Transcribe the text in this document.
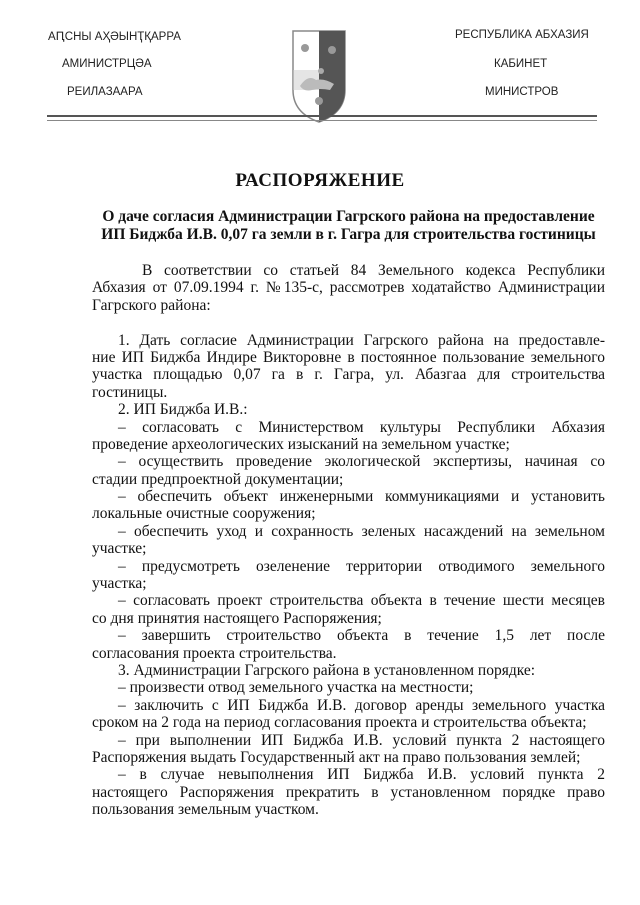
АԤСНЫ АҲӘЫНҬҚАРРА
АМИНИСТРЦӘА
РЕИЛАЗААРА
РЕСПУБЛИКА АБХАЗИЯ
КАБИНЕТ
МИНИСТРОВ
РАСПОРЯЖЕНИЕ
О даче согласия Администрации Гагрского района на предоставление
ИП Биджба И.В. 0,07 га земли в г. Гагра для строительства гостиницы
В соответствии со статьей 84 Земельного кодекса Республики
Абхазия от 07.09.1994 г. №135-с, рассмотрев ходатайство Администрации
Гагрского района:
1. Дать согласие Администрации Гагрского района на предоставле-
ние ИП Биджба Индире Викторовне в постоянное пользование земельного
участка площадью 0,07 га в г. Гагра, ул. Абазгаа для строительства
гостиницы.
2. ИП Биджба И.В.:
– согласовать с Министерством культуры Республики Абхазия
проведение археологических изысканий на земельном участке;
– осуществить проведение экологической экспертизы, начиная со
стадии предпроектной документации;
– обеспечить объект инженерными коммуникациями и установить
локальные очистные сооружения;
– обеспечить уход и сохранность зеленых насаждений на земельном
участке;
– предусмотреть озеленение территории отводимого земельного
участка;
– согласовать проект строительства объекта в течение шести месяцев
со дня принятия настоящего Распоряжения;
– завершить строительство объекта в течение 1,5 лет после
согласования проекта строительства.
3. Администрации Гагрского района в установленном порядке:
– произвести отвод земельного участка на местности;
– заключить с ИП Биджба И.В. договор аренды земельного участка
сроком на 2 года на период согласования проекта и строительства объекта;
– при выполнении ИП Биджба И.В. условий пункта 2 настоящего
Распоряжения выдать Государственный акт на право пользования землей;
– в случае невыполнения ИП Биджба И.В. условий пункта 2
настоящего Распоряжения прекратить в установленном порядке право
пользования земельным участком.
